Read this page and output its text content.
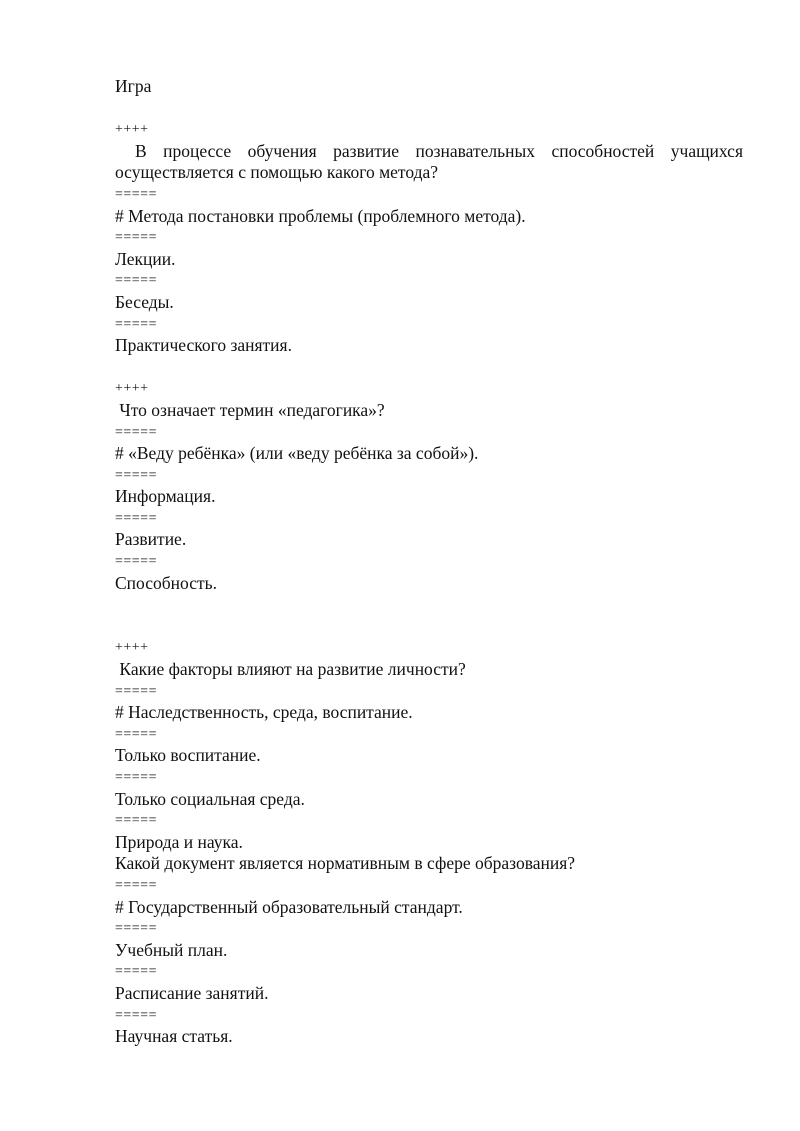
Игра
++++
В процессе обучения развитие познавательных способностей учащихся осуществляется с помощью какого метода?
=====
# Метода постановки проблемы (проблемного метода).
=====
Лекции.
=====
Беседы.
=====
Практического занятия.
++++
Что означает термин «педагогика»?
=====
# «Веду ребёнка» (или «веду ребёнка за собой»).
=====
Информация.
=====
Развитие.
=====
Способность.
++++
Какие факторы влияют на развитие личности?
=====
# Наследственность, среда, воспитание.
=====
Только воспитание.
=====
Только социальная среда.
=====
Природа и наука.
Какой документ является нормативным в сфере образования?
=====
# Государственный образовательный стандарт.
=====
Учебный план.
=====
Расписание занятий.
=====
Научная статья.
